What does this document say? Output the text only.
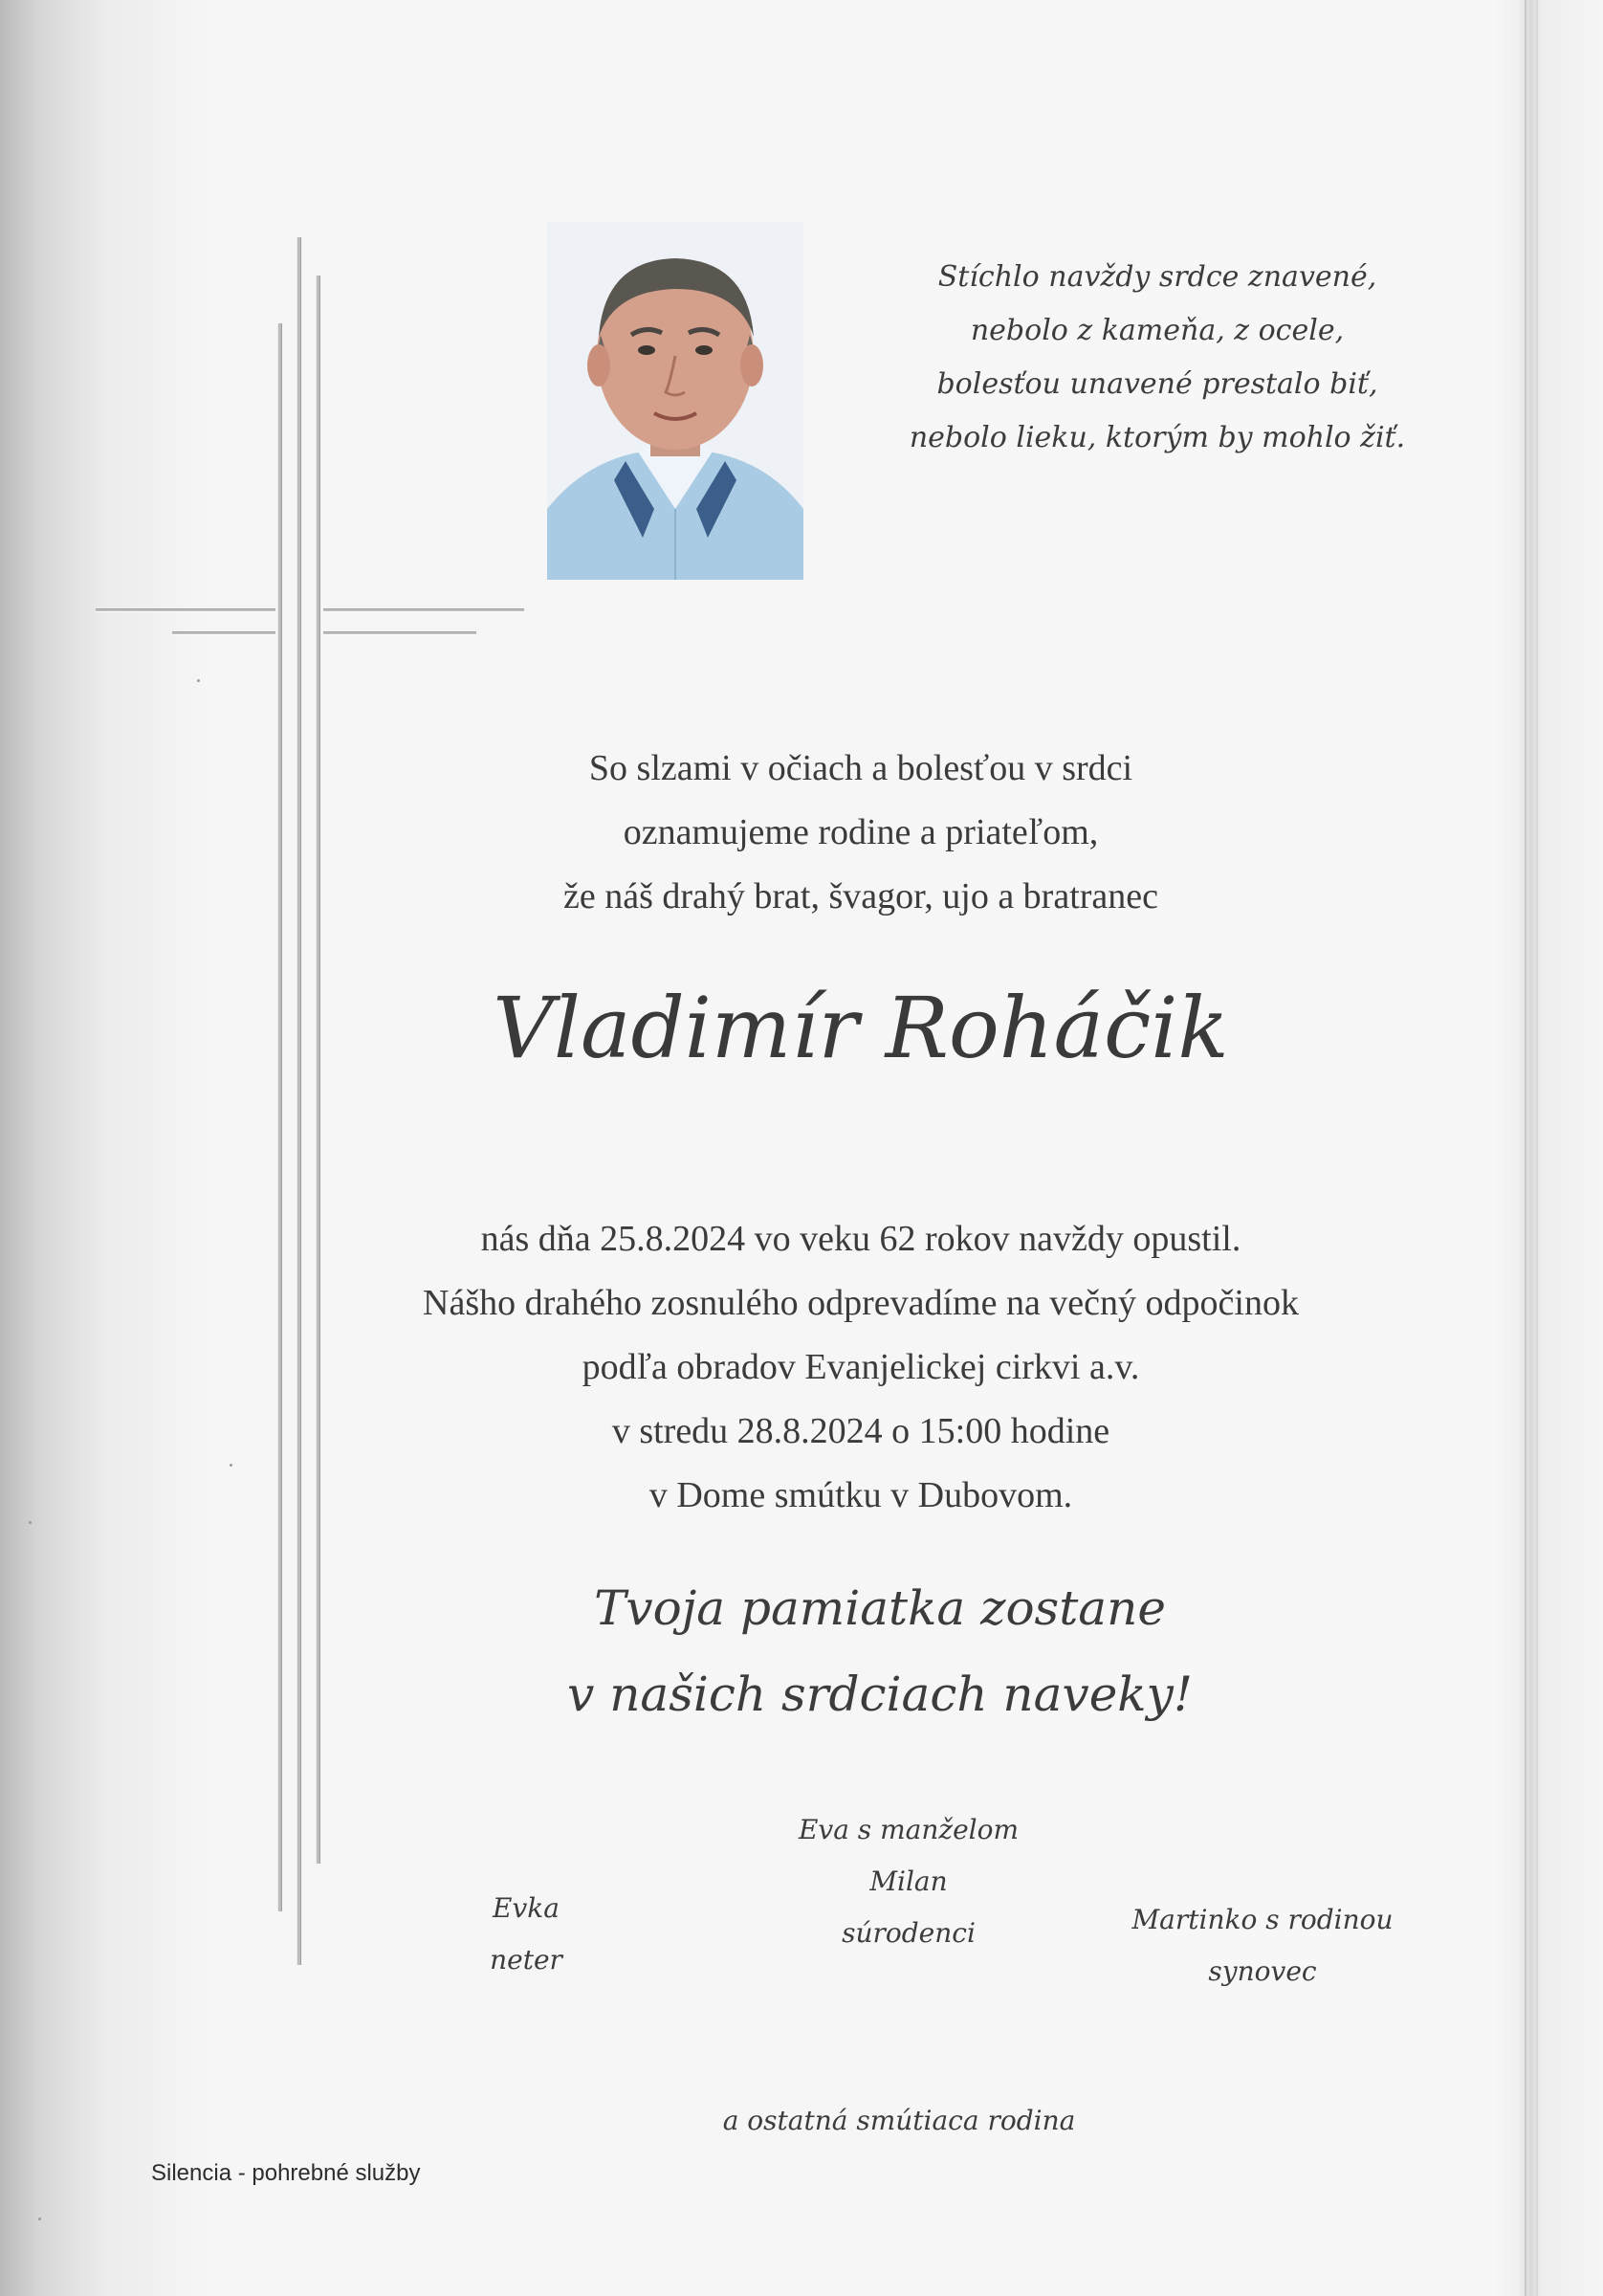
Stíchlo navždy srdce znavené,
nebolo z kameňa, z ocele,
bolesťou unavené prestalo biť,
nebolo lieku, ktorým by mohlo žiť.
So slzami v očiach a bolesťou v srdci
oznamujeme rodine a priateľom,
že náš drahý brat, švagor, ujo a bratranec
Vladimír Roháčik
nás dňa 25.8.2024 vo veku 62 rokov navždy opustil.
Nášho drahého zosnulého odprevadíme na večný odpočinok
podľa obradov Evanjelickej cirkvi a.v.
v stredu 28.8.2024 o 15:00 hodine
v Dome smútku v Dubovom.
Tvoja pamiatka zostane
v našich srdciach naveky!
Evka
neter
Eva s manželom
Milan
súrodenci	Martinko s rodinou
synovec
a ostatná smútiaca rodina
Silencia - pohrebné služby
